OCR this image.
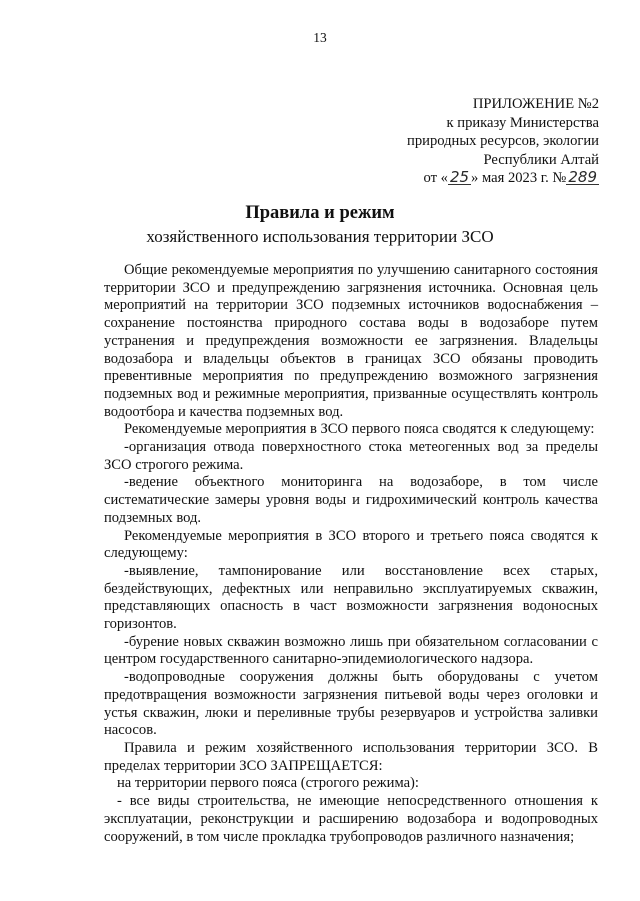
13
ПРИЛОЖЕНИЕ №2
к приказу Министерства
природных ресурсов, экологии
Республики Алтай
от « 25 » мая 2023 г. № 289
Правила и режим
хозяйственного использования территории ЗСО

Общие рекомендуемые мероприятия по улучшению санитарного состояния территории ЗСО и предупреждению загрязнения источника. Основная цель мероприятий на территории ЗСО подземных источников водоснабжения – сохранение постоянства природного состава воды в водозаборе путем устранения и предупреждения возможности ее загрязнения. Владельцы водозабора и владельцы объектов в границах ЗСО обязаны проводить превентивные мероприятия по предупреждению возможного загрязнения подземных вод и режимные мероприятия, призванные осуществлять контроль водоотбора и качества подземных вод.

Рекомендуемые мероприятия в ЗСО первого пояса сводятся к следующему:

-организация отвода поверхностного стока метеогенных вод за пределы ЗСО строгого режима.

-ведение объектного мониторинга на водозаборе, в том числе систематические замеры уровня воды и гидрохимический контроль качества подземных вод.

Рекомендуемые мероприятия в ЗСО второго и третьего пояса сводятся к следующему:

-выявление, тампонирование или восстановление всех старых, бездействующих, дефектных или неправильно эксплуатируемых скважин, представляющих опасность в част возможности загрязнения водоносных горизонтов.

-бурение новых скважин возможно лишь при обязательном согласовании с центром государственного санитарно-эпидемиологического надзора.

-водопроводные сооружения должны быть оборудованы с учетом предотвращения возможности загрязнения питьевой воды через оголовки и устья скважин, люки и переливные трубы резервуаров и устройства заливки насосов.

Правила и режим хозяйственного использования территории ЗСО. В пределах территории ЗСО ЗАПРЕЩАЕТСЯ:

на территории первого пояса (строгого режима):

- все виды строительства, не имеющие непосредственного отношения к эксплуатации, реконструкции и расширению водозабора и водопроводных сооружений, в том числе прокладка трубопроводов различного назначения;
